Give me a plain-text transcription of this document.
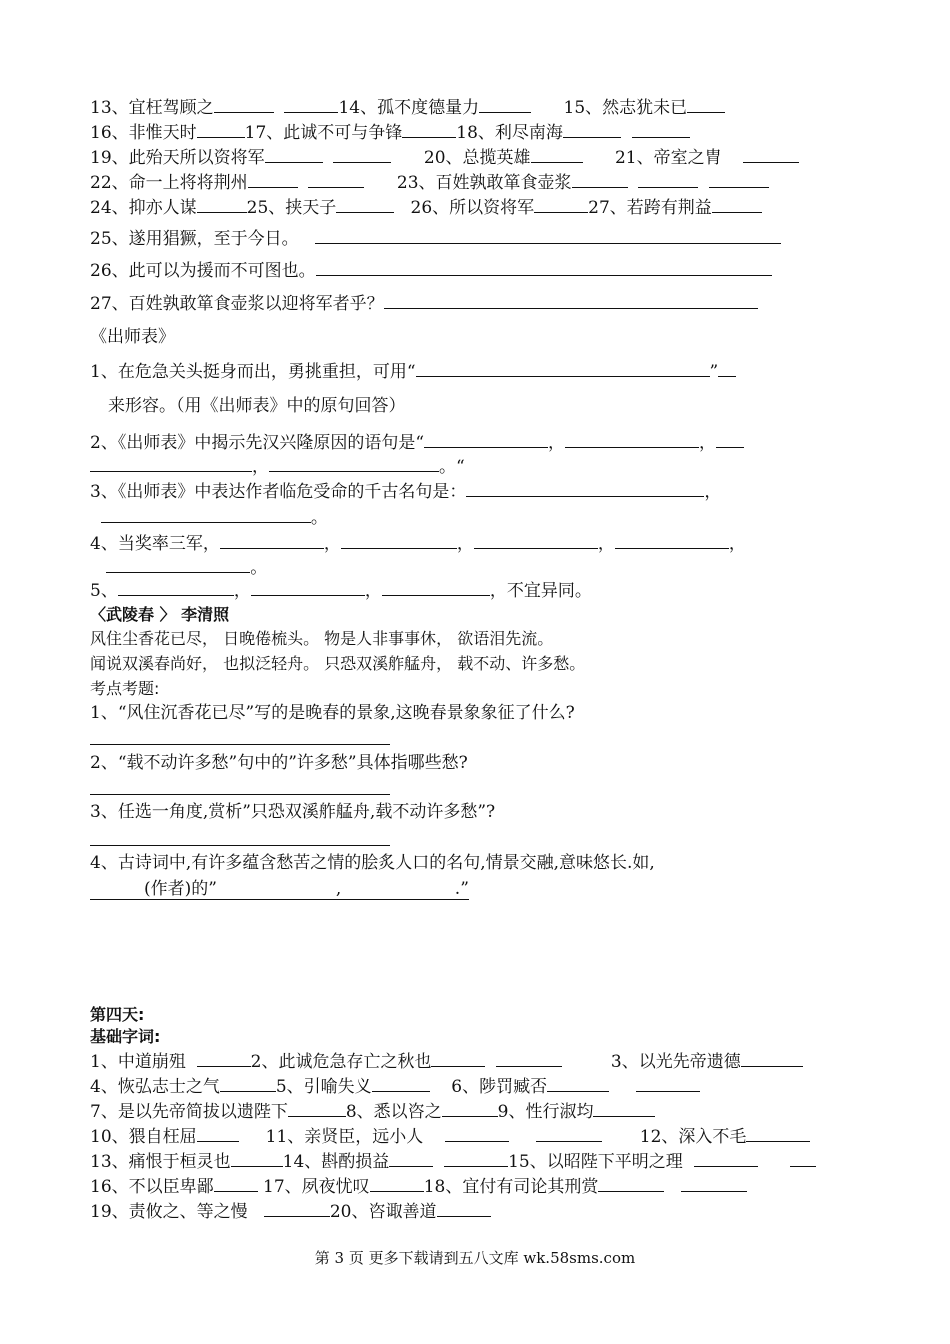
13、宜枉驾顾之	14、孤不度德量力	15、然志犹未已
16、非惟天时	17、此诚不可与争锋	18、利尽南海
19、此殆天所以资将军	20、总揽英雄	21、帝室之胄
22、命一上将将荆州	23、百姓孰敢箪食壶浆
24、抑亦人谋	25、挟天子	26、所以资将军	27、若跨有荆益
25、遂用猖獗，至于今日。
26、此可以为援而不可图也。
27、百姓孰敢箪食壶浆以迎将军者乎？
《出师表》
1、在危急关头挺身而出，勇挑重担，可用“	”
来形容。（用《出师表》中的原句回答）
2、《出师表》中揭示先汉兴隆原因的语句是“	，	，
，	。“
3、《出师表》中表达作者临危受命的千古名句是：	，
。
4、当奖率三军，	，	，	，	，
。
5、	，	，	，不宜异同。
〈武陵春 〉 李清照
风住尘香花已尽， 日晚倦梳头。 物是人非事事休， 欲语泪先流。
闻说双溪春尚好， 也拟泛轻舟。 只恐双溪舴艋舟， 载不动、许多愁。
考点考题:
1、“风住沉香花已尽”写的是晚春的景象,这晚春景象象征了什么?
2、“载不动许多愁”句中的”许多愁”具体指哪些愁?
3、任选一角度,赏析”只恐双溪舴艋舟,载不动许多愁”?
4、古诗词中,有许多蕴含愁苦之情的脍炙人口的名句,情景交融,意味悠长.如,
(作者)的”	,	.”
第四天:
基础字词:
1、中道崩殂	2、此诚危急存亡之秋也	3、以光先帝遗德
4、恢弘志士之气	5、引喻失义	6、陟罚臧否
7、是以先帝简拔以遗陛下	8、悉以咨之	9、性行淑均
10、猥自枉屈	11、亲贤臣，远小人	12、深入不毛
13、痛恨于桓灵也	14、斟酌损益	15、以昭陛下平明之理
16、不以臣卑鄙	17、夙夜忧叹	18、宜付有司论其刑赏
19、责攸之、等之慢	20、咨诹善道
第 3 页 更多下载请到五八文库 wk.58sms.com
